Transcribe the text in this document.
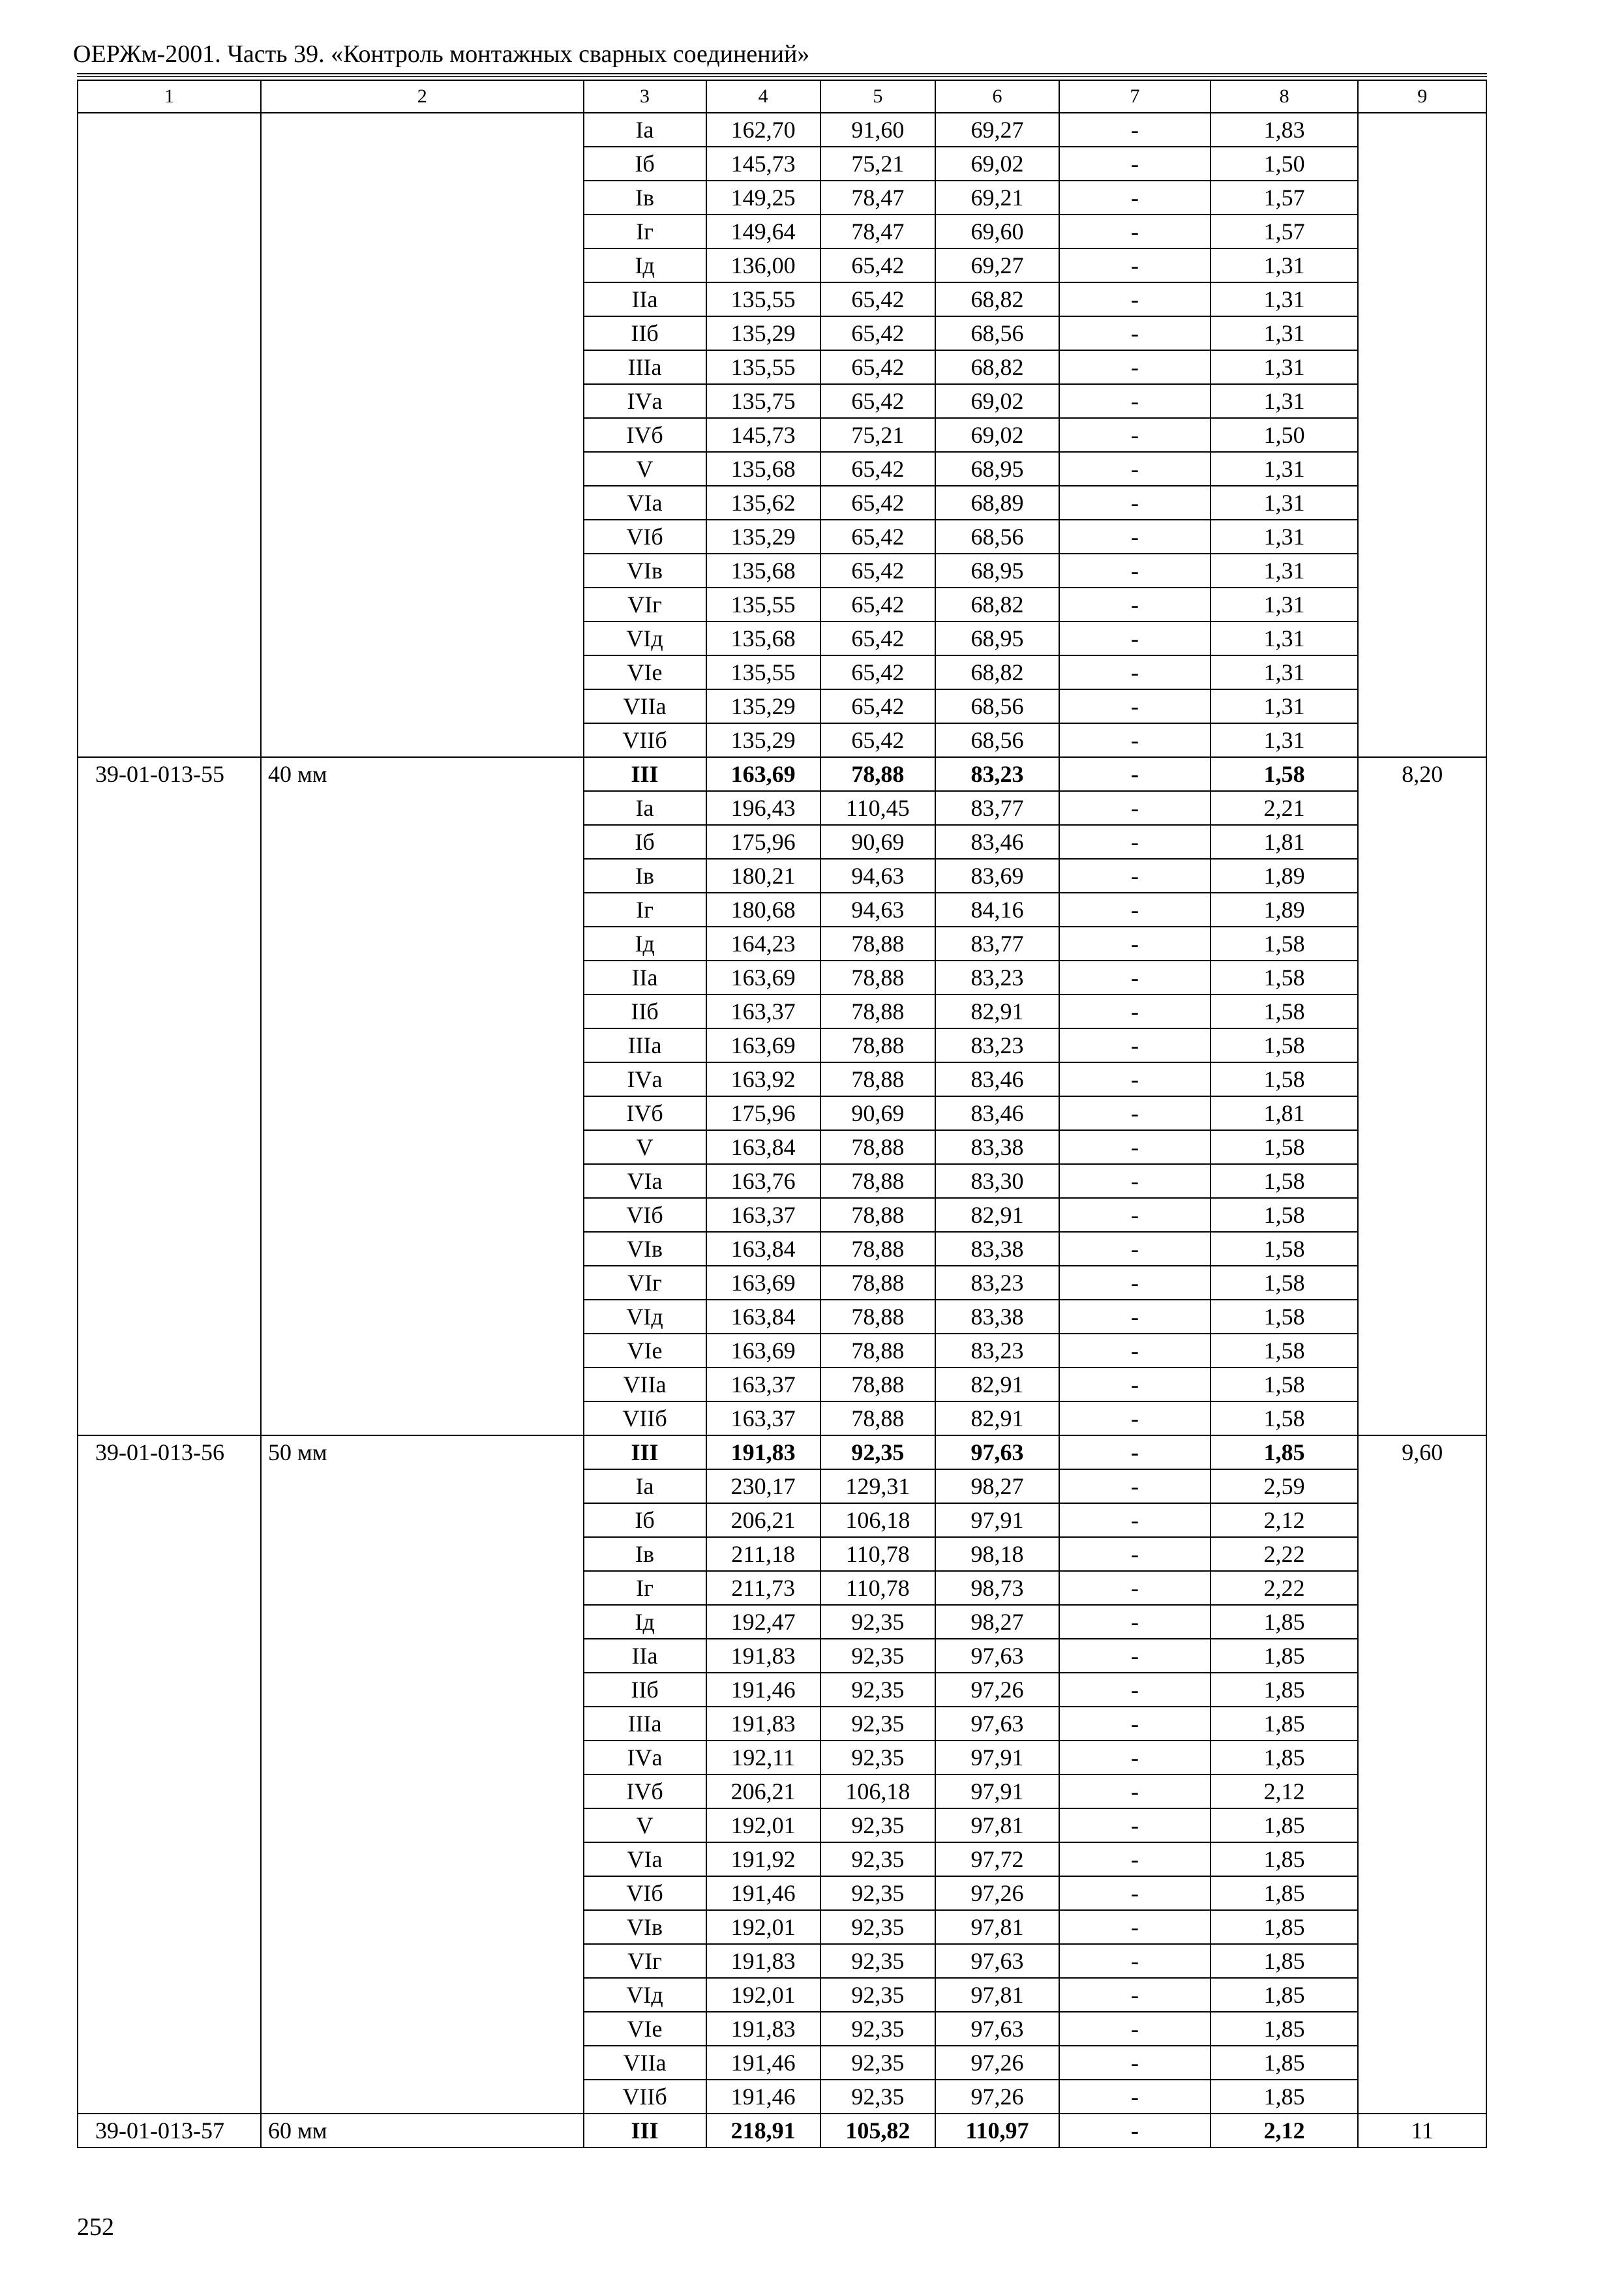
ОЕРЖм-2001. Часть 39. «Контроль монтажных сварных соединений»
1	2	3	4	5	6	7	8	9
		Iа	162,70	91,60	69,27	-	1,83	
		Iб	145,73	75,21	69,02	-	1,50	
		Iв	149,25	78,47	69,21	-	1,57	
		Iг	149,64	78,47	69,60	-	1,57	
		Iд	136,00	65,42	69,27	-	1,31	
		IIа	135,55	65,42	68,82	-	1,31	
		IIб	135,29	65,42	68,56	-	1,31	
		IIIа	135,55	65,42	68,82	-	1,31	
		IVа	135,75	65,42	69,02	-	1,31	
		IVб	145,73	75,21	69,02	-	1,50	
		V	135,68	65,42	68,95	-	1,31	
		VIа	135,62	65,42	68,89	-	1,31	
		VIб	135,29	65,42	68,56	-	1,31	
		VIв	135,68	65,42	68,95	-	1,31	
		VIг	135,55	65,42	68,82	-	1,31	
		VIд	135,68	65,42	68,95	-	1,31	
		VIе	135,55	65,42	68,82	-	1,31	
		VIIа	135,29	65,42	68,56	-	1,31	
		VIIб	135,29	65,42	68,56	-	1,31	
39-01-013-55	40 мм	III	163,69	78,88	83,23	-	1,58	8,20
		Iа	196,43	110,45	83,77	-	2,21	
		Iб	175,96	90,69	83,46	-	1,81	
		Iв	180,21	94,63	83,69	-	1,89	
		Iг	180,68	94,63	84,16	-	1,89	
		Iд	164,23	78,88	83,77	-	1,58	
		IIа	163,69	78,88	83,23	-	1,58	
		IIб	163,37	78,88	82,91	-	1,58	
		IIIа	163,69	78,88	83,23	-	1,58	
		IVа	163,92	78,88	83,46	-	1,58	
		IVб	175,96	90,69	83,46	-	1,81	
		V	163,84	78,88	83,38	-	1,58	
		VIа	163,76	78,88	83,30	-	1,58	
		VIб	163,37	78,88	82,91	-	1,58	
		VIв	163,84	78,88	83,38	-	1,58	
		VIг	163,69	78,88	83,23	-	1,58	
		VIд	163,84	78,88	83,38	-	1,58	
		VIе	163,69	78,88	83,23	-	1,58	
		VIIа	163,37	78,88	82,91	-	1,58	
		VIIб	163,37	78,88	82,91	-	1,58	
39-01-013-56	50 мм	III	191,83	92,35	97,63	-	1,85	9,60
		Iа	230,17	129,31	98,27	-	2,59	
		Iб	206,21	106,18	97,91	-	2,12	
		Iв	211,18	110,78	98,18	-	2,22	
		Iг	211,73	110,78	98,73	-	2,22	
		Iд	192,47	92,35	98,27	-	1,85	
		IIа	191,83	92,35	97,63	-	1,85	
		IIб	191,46	92,35	97,26	-	1,85	
		IIIа	191,83	92,35	97,63	-	1,85	
		IVа	192,11	92,35	97,91	-	1,85	
		IVб	206,21	106,18	97,91	-	2,12	
		V	192,01	92,35	97,81	-	1,85	
		VIа	191,92	92,35	97,72	-	1,85	
		VIб	191,46	92,35	97,26	-	1,85	
		VIв	192,01	92,35	97,81	-	1,85	
		VIг	191,83	92,35	97,63	-	1,85	
		VIд	192,01	92,35	97,81	-	1,85	
		VIе	191,83	92,35	97,63	-	1,85	
		VIIа	191,46	92,35	97,26	-	1,85	
		VIIб	191,46	92,35	97,26	-	1,85	
39-01-013-57	60 мм	III	218,91	105,82	110,97	-	2,12	11
252
